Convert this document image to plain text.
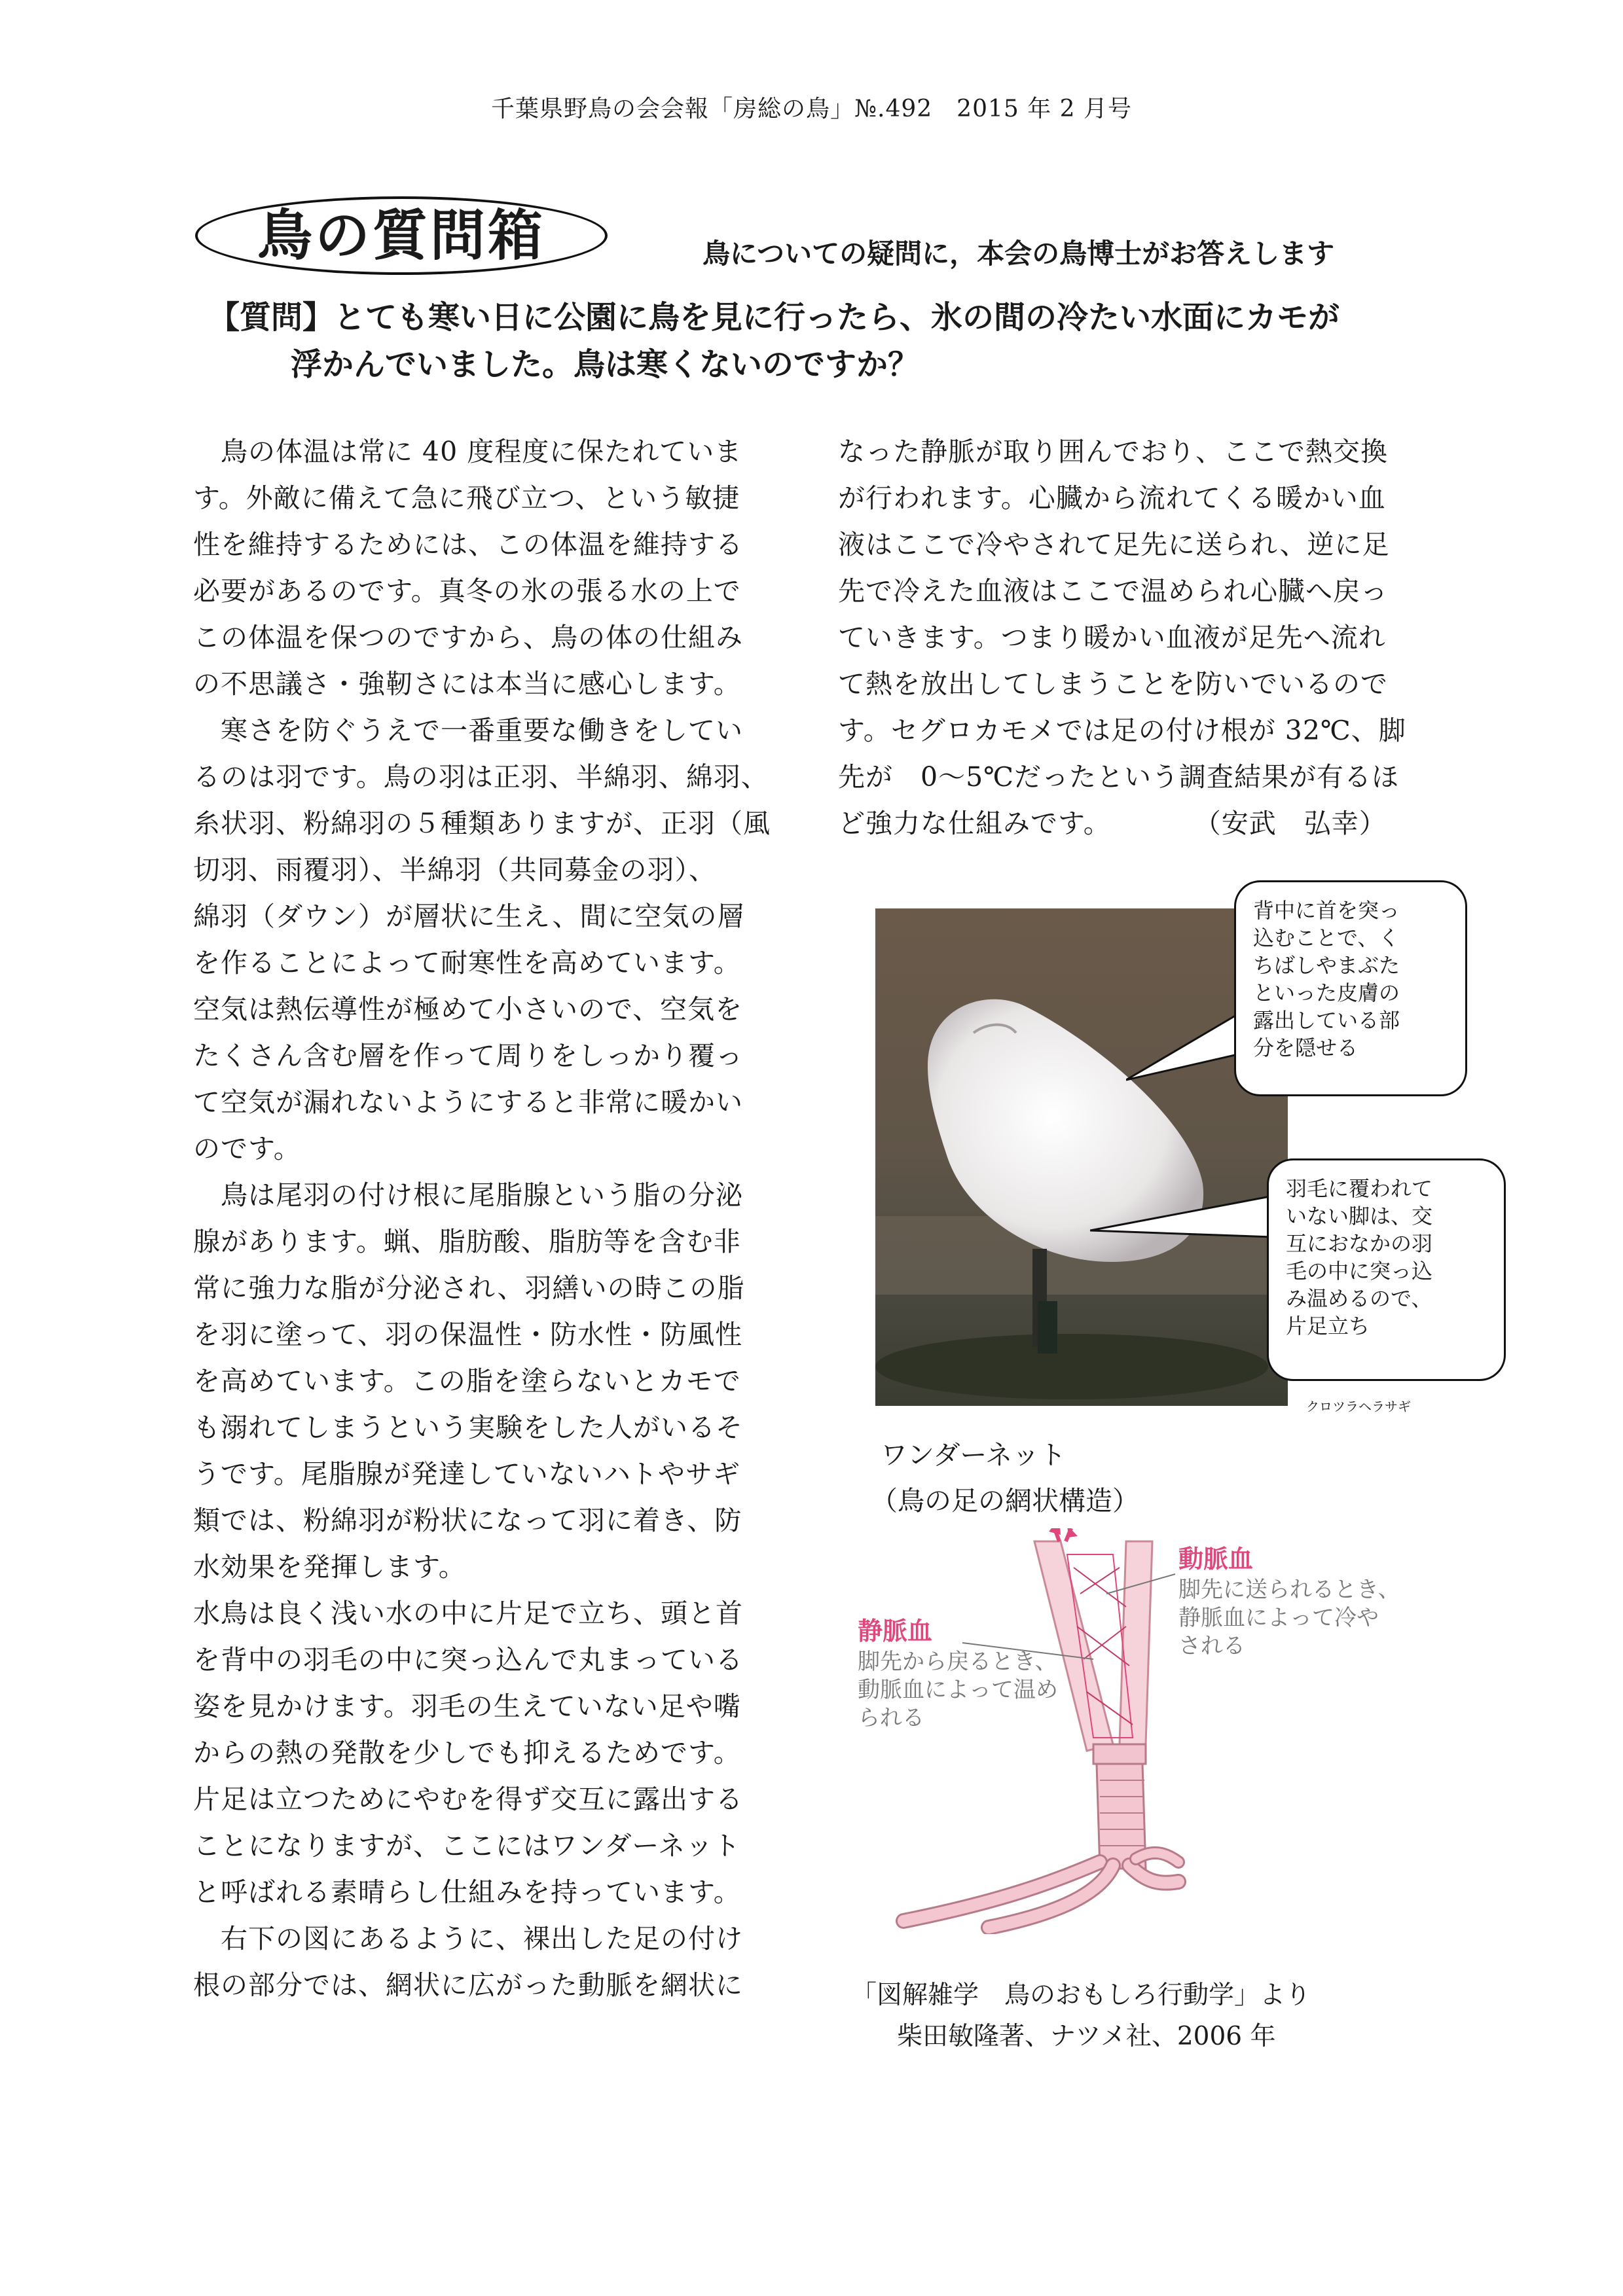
千葉県野鳥の会会報「房総の鳥」№.492　2015 年 2 月号
鳥の質問箱	鳥についての疑問に，本会の鳥博士がお答えします
【質問】とても寒い日に公園に鳥を見に行ったら、氷の間の冷たい水面にカモが
浮かんでいました。鳥は寒くないのですか？
　鳥の体温は常に 40 度程度に保たれていま
す。外敵に備えて急に飛び立つ、という敏捷
性を維持するためには、この体温を維持する
必要があるのです。真冬の氷の張る水の上で
この体温を保つのですから、鳥の体の仕組み
の不思議さ・強靭さには本当に感心します。
　寒さを防ぐうえで一番重要な働きをしてい
るのは羽です。鳥の羽は正羽、半綿羽、綿羽、
糸状羽、粉綿羽の５種類ありますが、正羽（風
切羽、雨覆羽）、半綿羽（共同募金の羽）、
綿羽（ダウン）が層状に生え、間に空気の層
を作ることによって耐寒性を高めています。
空気は熱伝導性が極めて小さいので、空気を
たくさん含む層を作って周りをしっかり覆っ
て空気が漏れないようにすると非常に暖かい
のです。
　鳥は尾羽の付け根に尾脂腺という脂の分泌
腺があります。蝋、脂肪酸、脂肪等を含む非
常に強力な脂が分泌され、羽繕いの時この脂
を羽に塗って、羽の保温性・防水性・防風性
を高めています。この脂を塗らないとカモで
も溺れてしまうという実験をした人がいるそ
うです。尾脂腺が発達していないハトやサギ
類では、粉綿羽が粉状になって羽に着き、防
水効果を発揮します。
水鳥は良く浅い水の中に片足で立ち、頭と首
を背中の羽毛の中に突っ込んで丸まっている
姿を見かけます。羽毛の生えていない足や嘴
からの熱の発散を少しでも抑えるためです。
片足は立つためにやむを得ず交互に露出する
ことになりますが、ここにはワンダーネット
と呼ばれる素晴らし仕組みを持っています。
　右下の図にあるように、裸出した足の付け
根の部分では、網状に広がった動脈を網状に
なった静脈が取り囲んでおり、ここで熱交換
が行われます。心臓から流れてくる暖かい血
液はここで冷やされて足先に送られ、逆に足
先で冷えた血液はここで温められ心臓へ戻っ
ていきます。つまり暖かい血液が足先へ流れ
て熱を放出してしまうことを防いでいるので
す。セグロカモメでは足の付け根が 32℃、脚
先が　0～5℃だったという調査結果が有るほ
ど強力な仕組みです。　　　　（安武　弘幸）
クロツラヘラサギ
背中に首を突っ
込むことで、く
ちばしやまぶた
といった皮膚の
露出している部
分を隠せる
羽毛に覆われて
いない脚は、交
互におなかの羽
毛の中に突っ込
み温めるので、
片足立ち
ワンダーネット
（鳥の足の網状構造）
動脈血
脚先に送られるとき、
静脈血によって冷や
される
静脈血
脚先から戻るとき、
動脈血によって温め
られる
「図解雑学　鳥のおもしろ行動学」より
柴田敏隆著、ナツメ社、2006 年
